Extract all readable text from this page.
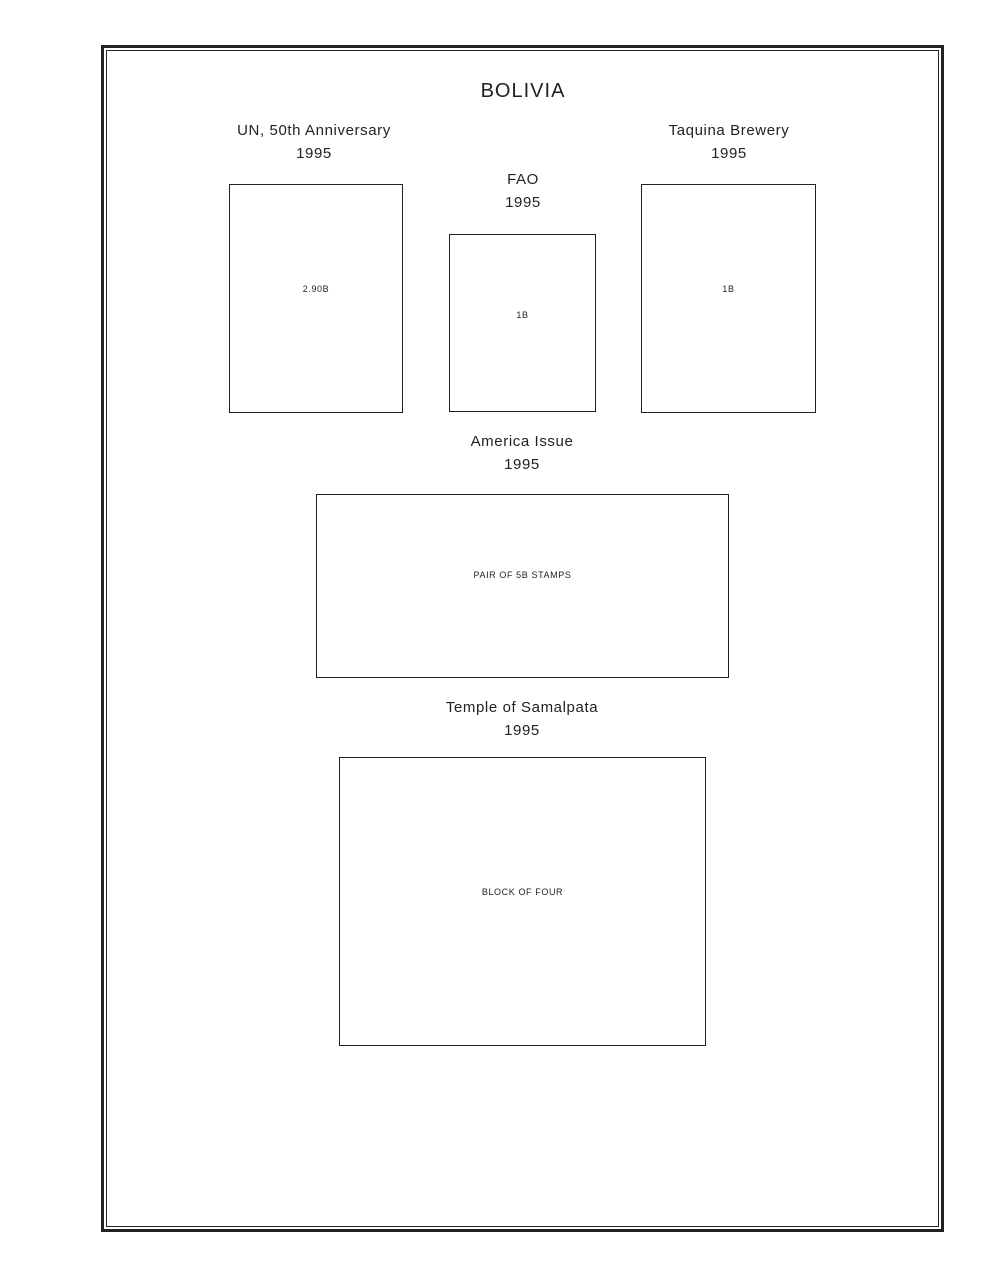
BOLIVIA
UN, 50th Anniversary
1995
2.90B
FAO
1995
1B
Taquina Brewery
1995
1B
America Issue
1995
PAIR OF 5B STAMPS
Temple of Samalpata
1995
BLOCK OF FOUR
